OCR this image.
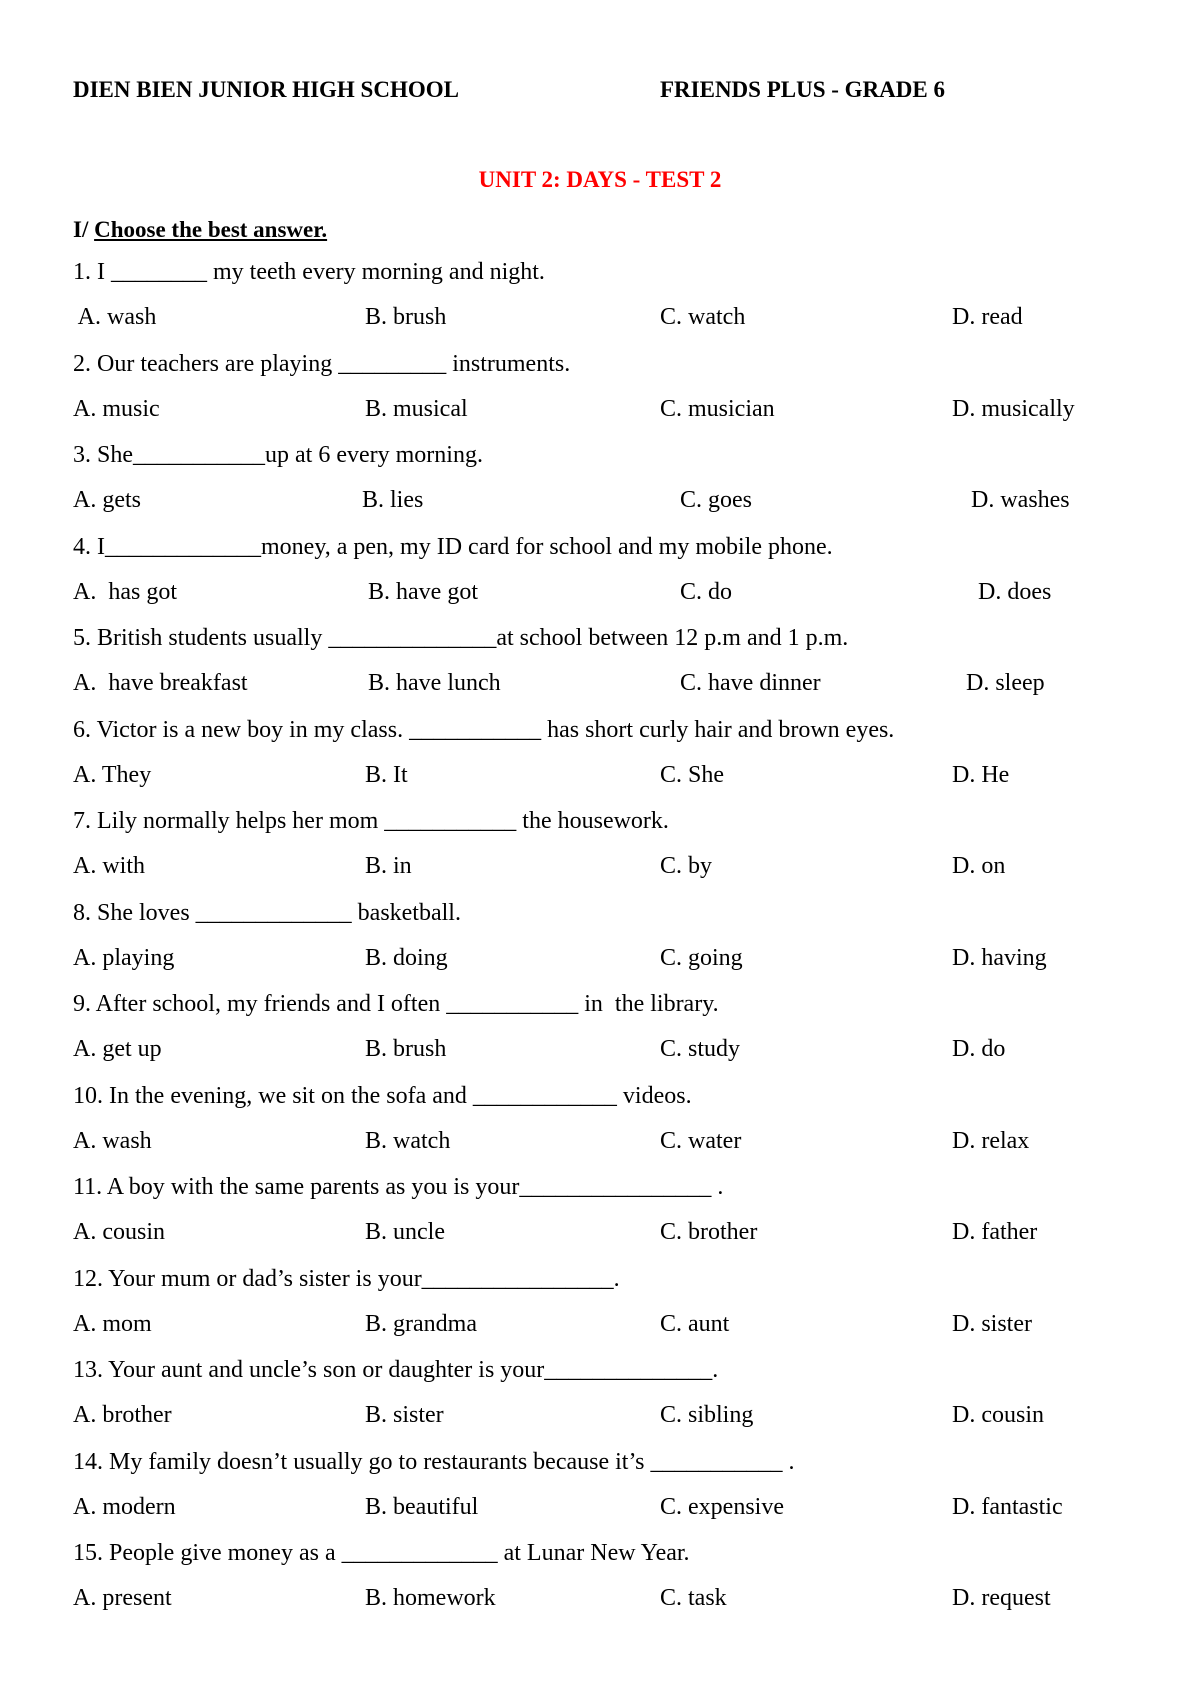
DIEN BIEN JUNIOR HIGH SCHOOL	FRIENDS PLUS - GRADE 6
UNIT 2: DAYS - TEST 2
I/ Choose the best answer.
1. I ________ my teeth every morning and night.
A. wash	B. brush	C. watch	D. read
2. Our teachers are playing _________ instruments.
A. music	B. musical	C. musician	D. musically
3. She___________up at 6 every morning.
A. gets	B. lies	C. goes	D. washes
4. I_____________money, a pen, my ID card for school and my mobile phone.
A.  has got	B. have got	C. do	D. does
5. British students usually ______________at school between 12 p.m and 1 p.m.
A.  have breakfast	B. have lunch	C. have dinner	D. sleep
6. Victor is a new boy in my class. ___________ has short curly hair and brown eyes.
A. They	B. It	C. She	D. He
7. Lily normally helps her mom ___________ the housework.
A. with	B. in	C. by	D. on
8. She loves _____________ basketball.
A. playing	B. doing	C. going	D. having
9. After school, my friends and I often ___________ in  the library.
A. get up	B. brush	C. study	D. do
10. In the evening, we sit on the sofa and ____________ videos.
A. wash	B. watch	C. water	D. relax
11. A boy with the same parents as you is your________________ .
A. cousin	B. uncle	C. brother	D. father
12. Your mum or dad’s sister is your________________.
A. mom	B. grandma	C. aunt	D. sister
13. Your aunt and uncle’s son or daughter is your______________.
A. brother	B. sister	C. sibling	D. cousin
14. My family doesn’t usually go to restaurants because it’s ___________ .
A. modern	B. beautiful	C. expensive	D. fantastic
15. People give money as a _____________ at Lunar New Year.
A. present	B. homework	C. task	D. request
